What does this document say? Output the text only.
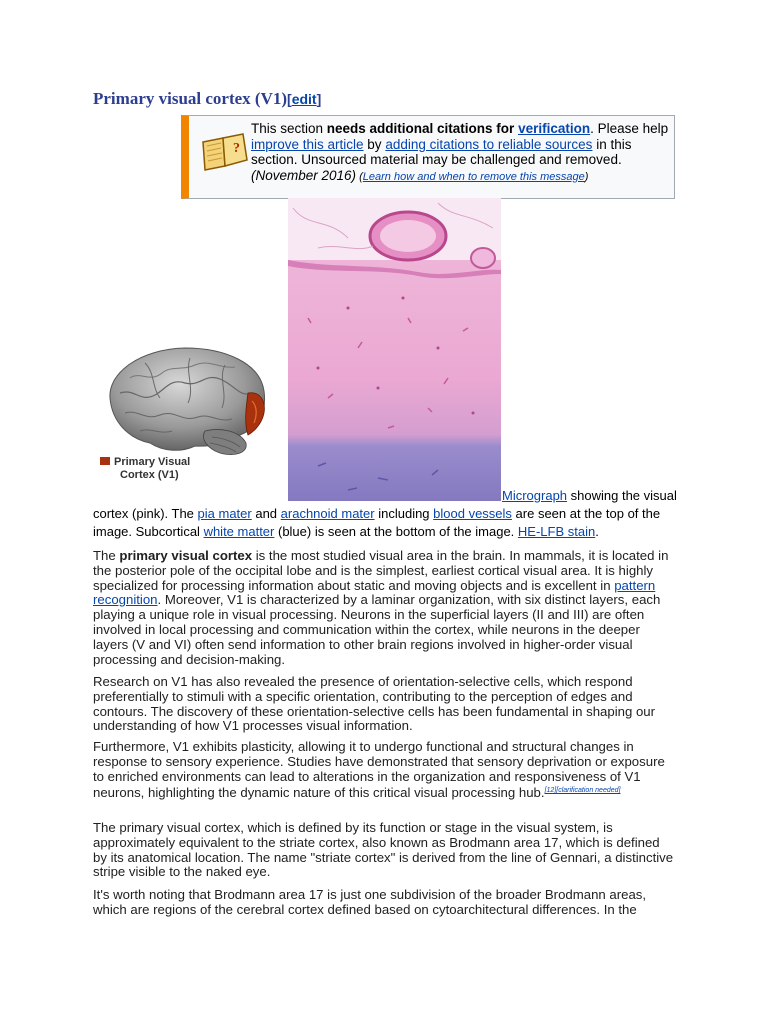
Primary visual cortex (V1)[edit]
?
This section needs additional citations for verification. Please help improve this article by adding citations to reliable sources in this section. Unsourced material may be challenged and removed. (November 2016) (Learn how and when to remove this message)
Primary Visual
Cortex (V1)
Micrograph showing the visual cortex (pink). The pia mater and arachnoid mater including blood vessels are seen at the top of the image. Subcortical white matter (blue) is seen at the bottom of the image. HE-LFB stain.
The primary visual cortex is the most studied visual area in the brain. In mammals, it is located in the posterior pole of the occipital lobe and is the simplest, earliest cortical visual area. It is highly specialized for processing information about static and moving objects and is excellent in pattern recognition. Moreover, V1 is characterized by a laminar organization, with six distinct layers, each playing a unique role in visual processing. Neurons in the superficial layers (II and III) are often involved in local processing and communication within the cortex, while neurons in the deeper layers (V and VI) often send information to other brain regions involved in higher-order visual processing and decision-making.
Research on V1 has also revealed the presence of orientation-selective cells, which respond preferentially to stimuli with a specific orientation, contributing to the perception of edges and contours. The discovery of these orientation-selective cells has been fundamental in shaping our understanding of how V1 processes visual information.
Furthermore, V1 exhibits plasticity, allowing it to undergo functional and structural changes in response to sensory experience. Studies have demonstrated that sensory deprivation or exposure to enriched environments can lead to alterations in the organization and responsiveness of V1 neurons, highlighting the dynamic nature of this critical visual processing hub.[12][clarification needed]
The primary visual cortex, which is defined by its function or stage in the visual system, is approximately equivalent to the striate cortex, also known as Brodmann area 17, which is defined by its anatomical location. The name "striate cortex" is derived from the line of Gennari, a distinctive stripe visible to the naked eye.
It's worth noting that Brodmann area 17 is just one subdivision of the broader Brodmann areas, which are regions of the cerebral cortex defined based on cytoarchitectural differences. In the
